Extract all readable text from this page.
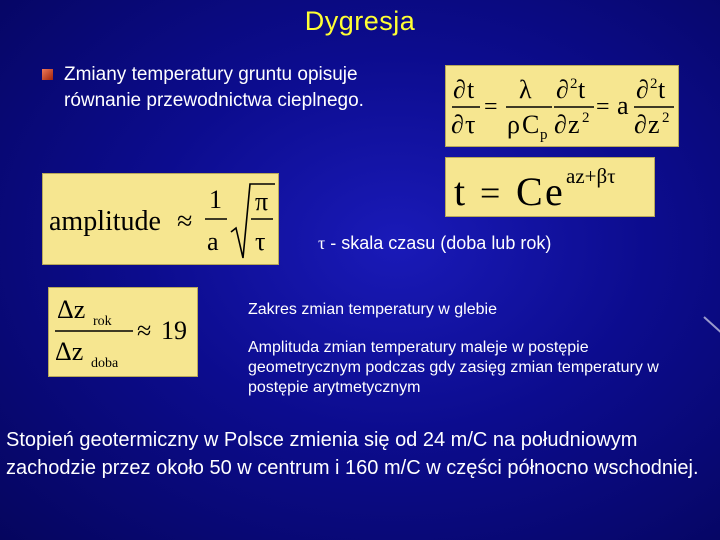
Dygresja
Zmiany temperatury gruntu opisuje równanie przewodnictwa cieplnego.	∂ t
∂ τ
=
λ
ρ C p
∂ 2 t
∂ z 2 = a
∂ 2 t
∂ z 2
t = C e az+βτ
amplitude ≈
1
a
π
τ	τ - skala czasu (doba lub rok)
Δz rok
Δz doba
≈ 19
Zakres zmian temperatury w glebie
Amplituda zmian temperatury maleje w postępie geometrycznym podczas gdy zasięg zmian temperatury w postępie arytmetycznym
Stopień geotermiczny w Polsce zmienia się od 24 m/C na południowym zachodzie przez około 50 w centrum i 160 m/C w części północno wschodniej.
